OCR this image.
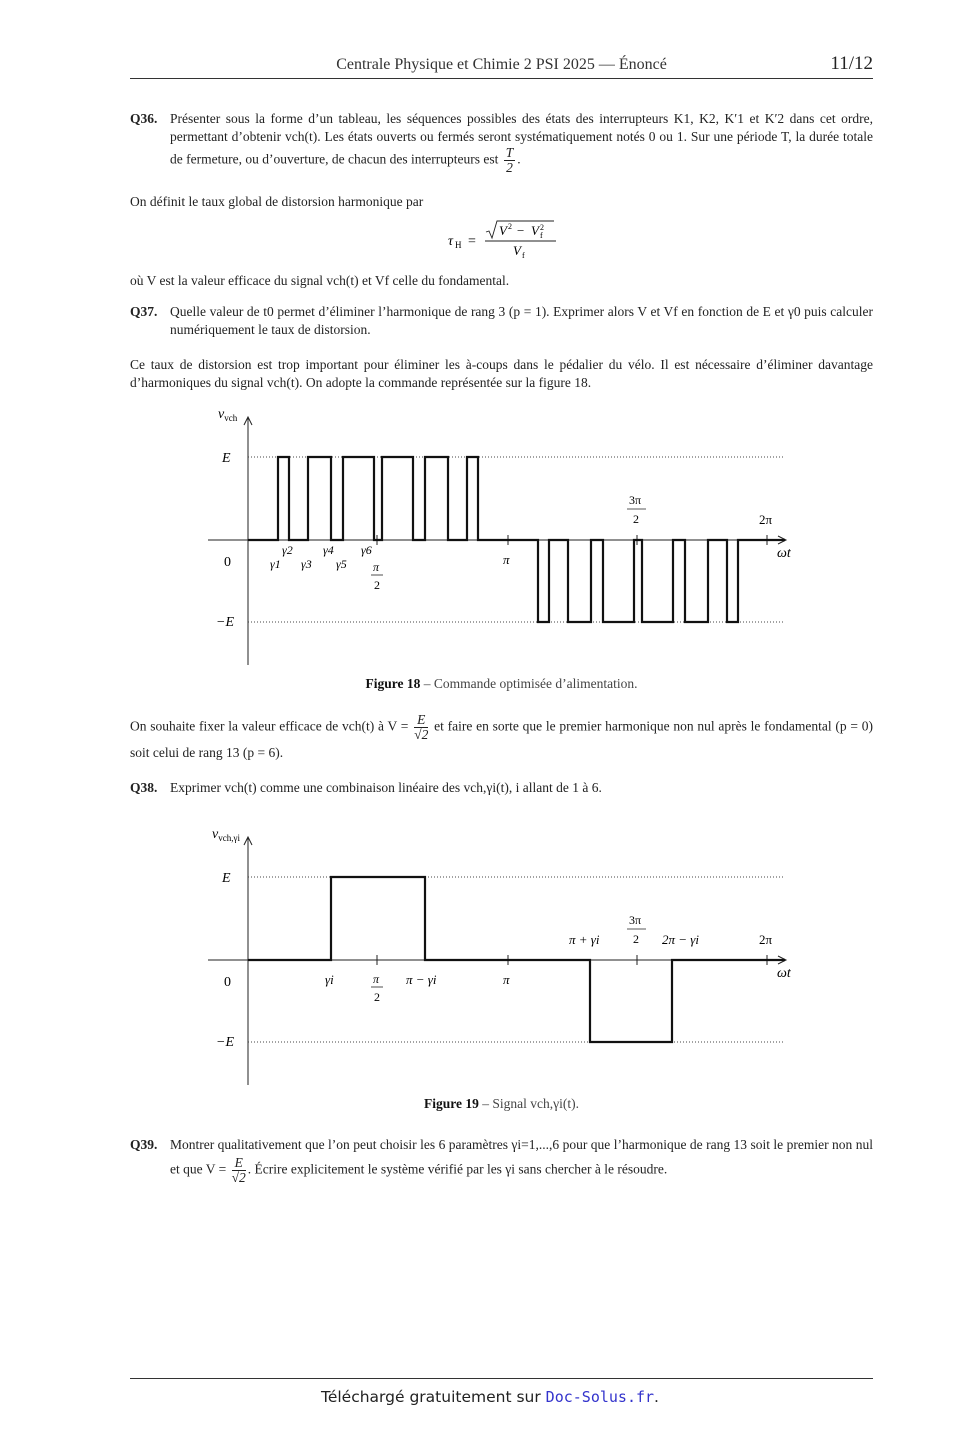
Centrale Physique et Chimie 2 PSI 2025 — Énoncé	11/12
Q36. Présenter sous la forme d’un tableau, les séquences possibles des états des interrupteurs K1, K2, K′1 et K′2 dans cet ordre, permettant d’obtenir vch(t). Les états ouverts ou fermés seront systématiquement notés 0 ou 1. Sur une période T, la durée totale de fermeture, ou d’ouverture, de chacun des interrupteurs est $\frac{T}{2}$ .
On définit le taux global de distorsion harmonique par
τ H =
V 2 − V 2
f
V f
où V est la valeur efficace du signal vch(t) et Vf celle du fondamental.
Q37. Quelle valeur de t0 permet d’éliminer l’harmonique de rang 3 (p = 1). Exprimer alors V et Vf en fonction de E et γ0 puis calculer numériquement le taux de distorsion.
Ce taux de distorsion est trop important pour éliminer les à-coups dans le pédalier du vélo. Il est nécessaire d’éliminer davantage d’harmoniques du signal vch(t). On adopte la commande représentée sur la figure 18.
$v_{vch}$
E
0
−E
ωt
γ2	γ4 γ6
γ1 γ3 γ5 π
2
π
3π
2	2π
Figure 18 – Commande optimisée d’alimentation.
On souhaite fixer la valeur efficace de vch(t) à $V = \frac{E}{√2}$ et faire en sorte que le premier harmonique non nul après le fondamental (p = 0) soit celui de rang 13 (p = 6).
Q38. Exprimer vch(t) comme une combinaison linéaire des vch,γi(t), i allant de 1 à 6.
$v_{vch,\gamma i}$
E
0
−E
ωt
γi	π
2
π − γi	π
π + γi
3π
2 2π − γi	2π
Figure 19 – Signal vch,γi(t).
Q39. Montrer qualitativement que l’on peut choisir les 6 paramètres γi=1,...,6 pour que l’harmonique de rang 13 soit le premier non nul et que $V = \frac{E}{√2}$ . Écrire explicitement le système vérifié par les γi sans chercher à le résoudre.
Téléchargé gratuitement sur Doc-Solus.fr.
